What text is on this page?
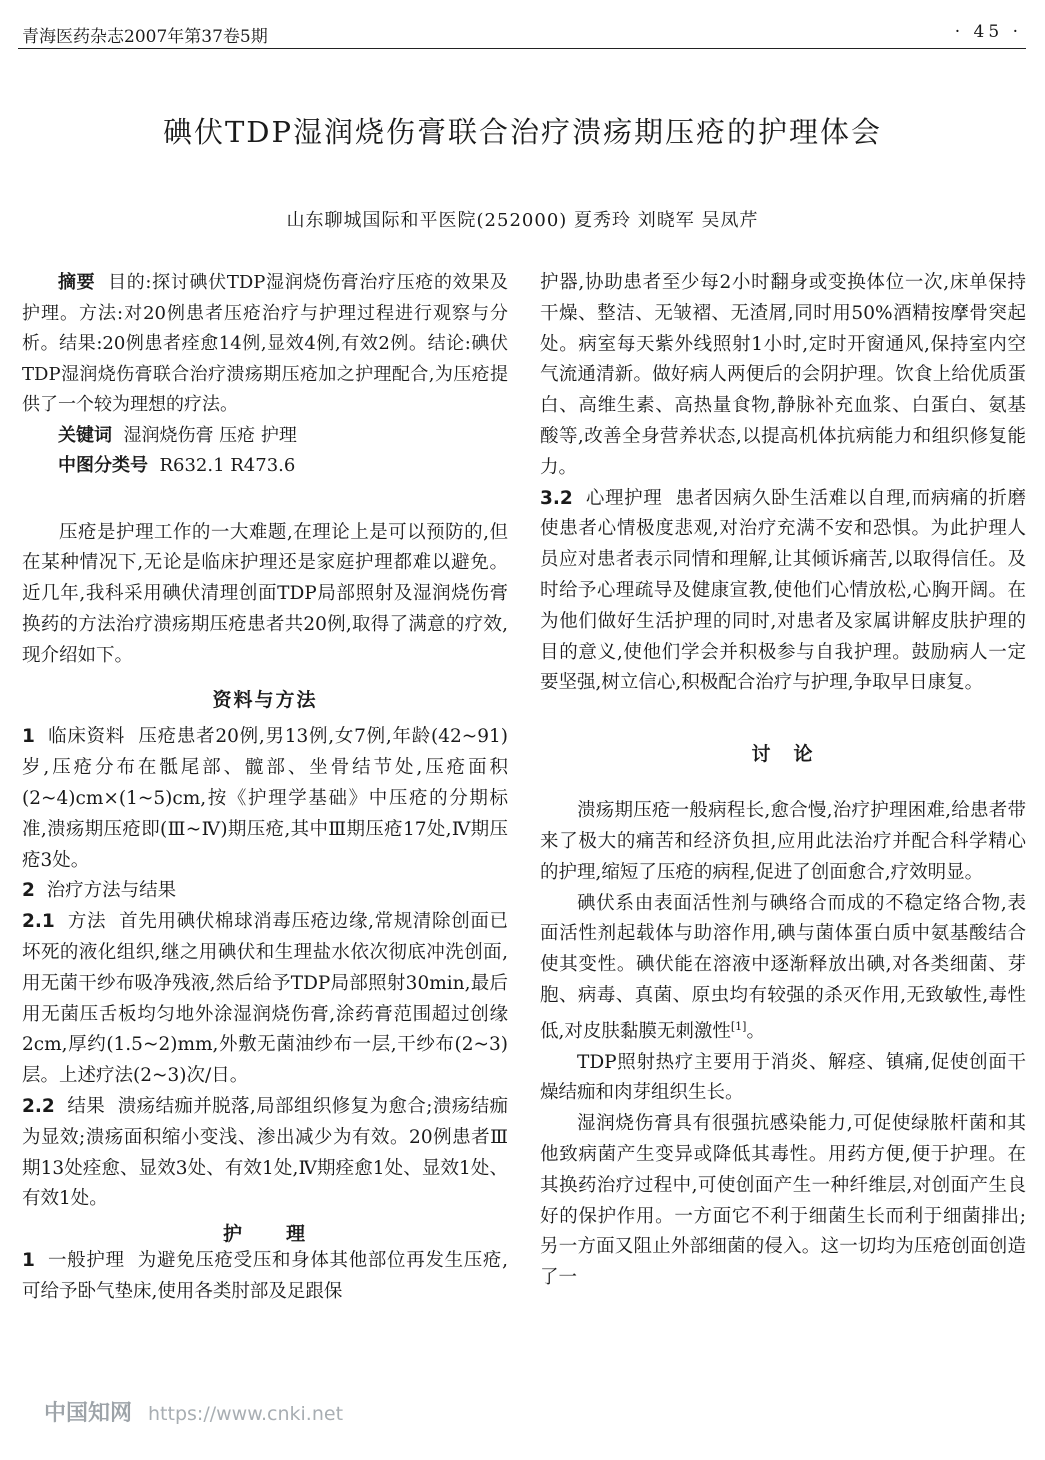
青海医药杂志2007年第37卷5期	· 45 ·
碘伏TDP湿润烧伤膏联合治疗溃疡期压疮的护理体会
山东聊城国际和平医院(252000) 夏秀玲 刘晓军 吴凤芹

摘要 目的:探讨碘伏TDP湿润烧伤膏治疗压疮的效果及护理。方法:对20例患者压疮治疗与护理过程进行观察与分析。结果:20例患者痊愈14例,显效4例,有效2例。结论:碘伏TDP湿润烧伤膏联合治疗溃疡期压疮加之护理配合,为压疮提供了一个较为理想的疗法。

关键词 湿润烧伤膏 压疮 护理

中图分类号 R632.1 R473.6

压疮是护理工作的一大难题,在理论上是可以预防的,但在某种情况下,无论是临床护理还是家庭护理都难以避免。近几年,我科采用碘伏清理创面TDP局部照射及湿润烧伤膏换药的方法治疗溃疡期压疮患者共20例,取得了满意的疗效,现介绍如下。

资料与方法

1 临床资料 压疮患者20例,男13例,女7例,年龄(42~91)岁,压疮分布在骶尾部、髋部、坐骨结节处,压疮面积(2~4)cm×(1~5)cm,按《护理学基础》中压疮的分期标准,溃疡期压疮即(Ⅲ~Ⅳ)期压疮,其中Ⅲ期压疮17处,Ⅳ期压疮3处。

2 治疗方法与结果

2.1 方法 首先用碘伏棉球消毒压疮边缘,常规清除创面已坏死的液化组织,继之用碘伏和生理盐水依次彻底冲洗创面,用无菌干纱布吸净残液,然后给予TDP局部照射30min,最后用无菌压舌板均匀地外涂湿润烧伤膏,涂药膏范围超过创缘2cm,厚约(1.5~2)mm,外敷无菌油纱布一层,干纱布(2~3)层。上述疗法(2~3)次/日。

2.2 结果 溃疡结痂并脱落,局部组织修复为愈合;溃疡结痂为显效;溃疡面积缩小变浅、渗出减少为有效。20例患者Ⅲ期13处痊愈、显效3处、有效1处,Ⅳ期痊愈1处、显效1处、有效1处。

护　　理

1 一般护理 为避免压疮受压和身体其他部位再发生压疮,可给予卧气垫床,使用各类肘部及足跟保

护器,协助患者至少每2小时翻身或变换体位一次,床单保持干燥、整洁、无皱褶、无渣屑,同时用50%酒精按摩骨突起处。病室每天紫外线照射1小时,定时开窗通风,保持室内空气流通清新。做好病人两便后的会阴护理。饮食上给优质蛋白、高维生素、高热量食物,静脉补充血浆、白蛋白、氨基酸等,改善全身营养状态,以提高机体抗病能力和组织修复能力。

3.2 心理护理 患者因病久卧生活难以自理,而病痛的折磨使患者心情极度悲观,对治疗充满不安和恐惧。为此护理人员应对患者表示同情和理解,让其倾诉痛苦,以取得信任。及时给予心理疏导及健康宣教,使他们心情放松,心胸开阔。在为他们做好生活护理的同时,对患者及家属讲解皮肤护理的目的意义,使他们学会并积极参与自我护理。鼓励病人一定要坚强,树立信心,积极配合治疗与护理,争取早日康复。

讨　论

溃疡期压疮一般病程长,愈合慢,治疗护理困难,给患者带来了极大的痛苦和经济负担,应用此法治疗并配合科学精心的护理,缩短了压疮的病程,促进了创面愈合,疗效明显。

碘伏系由表面活性剂与碘络合而成的不稳定络合物,表面活性剂起载体与助溶作用,碘与菌体蛋白质中氨基酸结合使其变性。碘伏能在溶液中逐渐释放出碘,对各类细菌、芽胞、病毒、真菌、原虫均有较强的杀灭作用,无致敏性,毒性低,对皮肤黏膜无刺激性[1]。

TDP照射热疗主要用于消炎、解痉、镇痛,促使创面干燥结痂和肉芽组织生长。

湿润烧伤膏具有很强抗感染能力,可促使绿脓杆菌和其他致病菌产生变异或降低其毒性。用药方便,便于护理。在其换药治疗过程中,可使创面产生一种纤维层,对创面产生良好的保护作用。一方面它不利于细菌生长而利于细菌排出;另一方面又阻止外部细菌的侵入。这一切均为压疮创面创造了一

中国知网 https://www.cnki.net
